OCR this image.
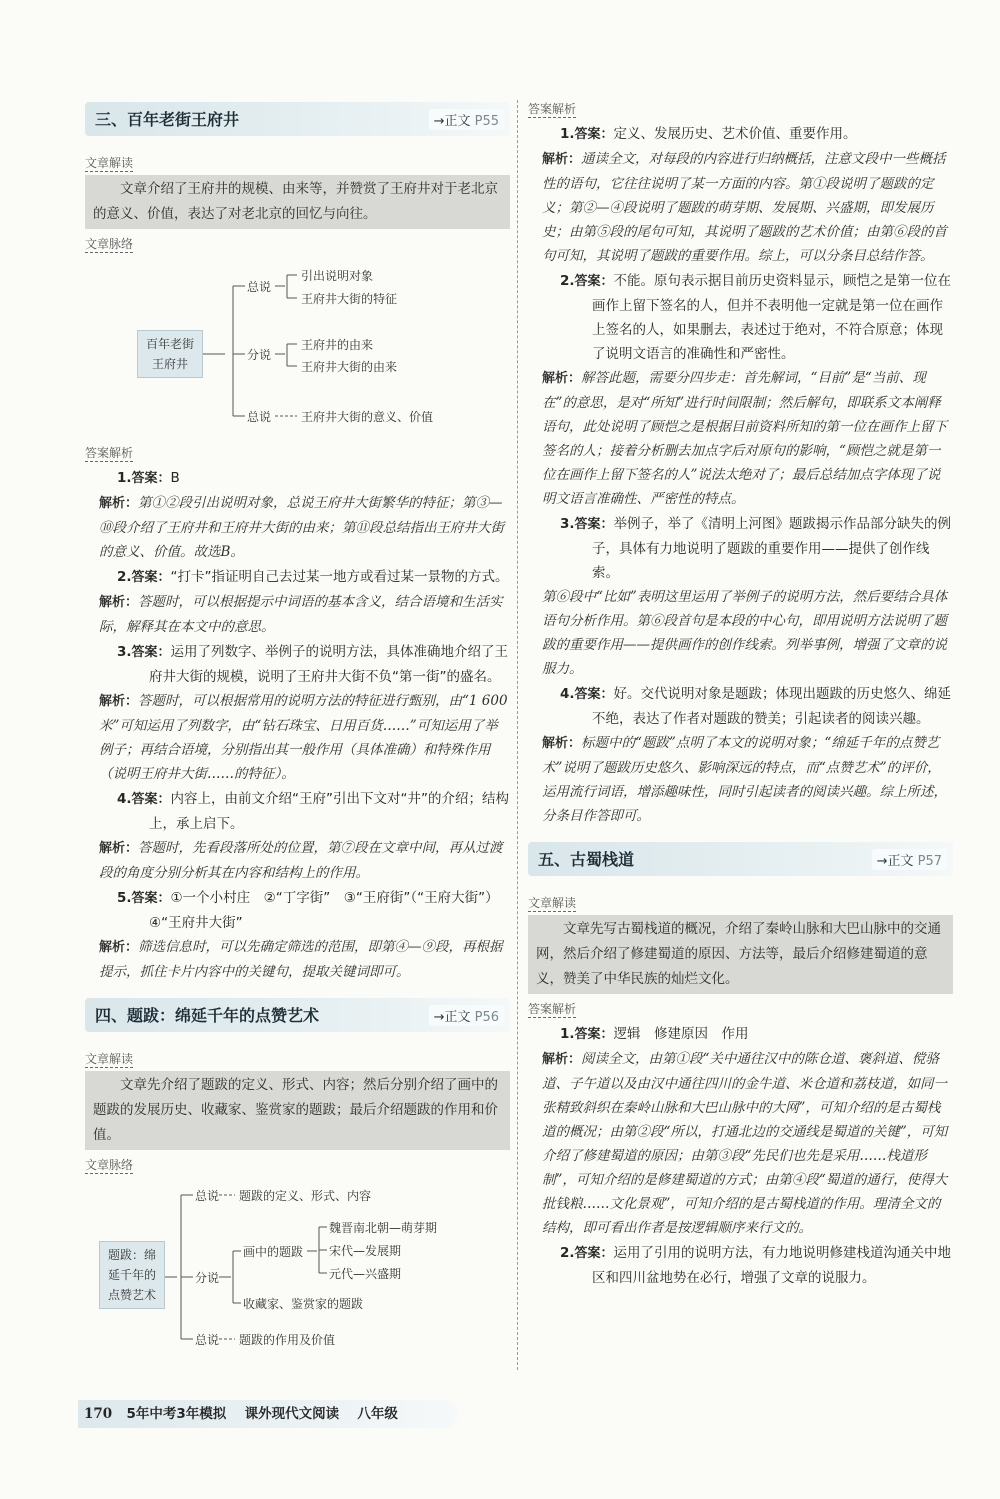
三、百年老街王府井	→正文 P55
文章解读
文章介绍了王府井的规模、由来等，并赞赏了王府井对于老北京的意义、价值，表达了对老北京的回忆与向往。
文章脉络
百年老街
王府井
总说
引出说明对象
王府井大街的特征
分说
王府井的由来
王府井大街的由来
总说 王府井大街的意义、价值
答案解析
1.答案：B
解析：第①②段引出说明对象，总说王府井大街繁华的特征；第③—⑩段介绍了王府井和王府井大街的由来；第⑪段总结指出王府井大街的意义、价值。故选B。
2.答案：“打卡”指证明自己去过某一地方或看过某一景物的方式。
解析：答题时，可以根据提示中词语的基本含义，结合语境和生活实际，解释其在本文中的意思。
3.答案：运用了列数字、举例子的说明方法，具体准确地介绍了王府井大街的规模，说明了王府井大街不负“第一街”的盛名。
解析：答题时，可以根据常用的说明方法的特征进行甄别，由“1 600米”可知运用了列数字，由“钻石珠宝、日用百货……”可知运用了举例子；再结合语境，分别指出其一般作用（具体准确）和特殊作用（说明王府井大街……的特征）。
4.答案：内容上，由前文介绍“王府”引出下文对“井”的介绍；结构上，承上启下。
解析：答题时，先看段落所处的位置，第⑦段在文章中间，再从过渡段的角度分别分析其在内容和结构上的作用。
5.答案：①一个小村庄　②“丁字街”　③“王府街”（“王府大街”）　④“王府井大街”
解析：筛选信息时，可以先确定筛选的范围，即第④—⑨段，再根据提示，抓住卡片内容中的关键句，提取关键词即可。
四、题跋：绵延千年的点赞艺术	→正文 P56
文章解读
文章先介绍了题跋的定义、形式、内容；然后分别介绍了画中的题跋的发展历史、收藏家、鉴赏家的题跋；最后介绍题跋的作用和价值。
文章脉络
题跋：绵
延千年的
点赞艺术
总说 题跋的定义、形式、内容
分说
画中的题跋
魏晋南北朝—萌芽期
宋代—发展期
元代—兴盛期
收藏家、鉴赏家的题跋
总说 题跋的作用及价值
答案解析
1.答案：定义、发展历史、艺术价值、重要作用。
解析：通读全文，对每段的内容进行归纳概括，注意文段中一些概括性的语句，它往往说明了某一方面的内容。第①段说明了题跋的定义；第②—④段说明了题跋的萌芽期、发展期、兴盛期，即发展历史；由第⑤段的尾句可知，其说明了题跋的艺术价值；由第⑥段的首句可知，其说明了题跋的重要作用。综上，可以分条目总结作答。
2.答案：不能。原句表示据目前历史资料显示，顾恺之是第一位在画作上留下签名的人，但并不表明他一定就是第一位在画作上签名的人，如果删去，表述过于绝对，不符合原意；体现了说明文语言的准确性和严密性。
解析：解答此题，需要分四步走：首先解词，“目前”是“当前、现在”的意思，是对“所知”进行时间限制；然后解句，即联系文本阐释语句，此处说明了顾恺之是根据目前资料所知的第一位在画作上留下签名的人；接着分析删去加点字后对原句的影响，“顾恺之就是第一位在画作上留下签名的人”说法太绝对了；最后总结加点字体现了说明文语言准确性、严密性的特点。
3.答案：举例子，举了《清明上河图》题跋揭示作品部分缺失的例子，具体有力地说明了题跋的重要作用——提供了创作线索。
第⑥段中“比如”表明这里运用了举例子的说明方法，然后要结合具体语句分析作用。第⑥段首句是本段的中心句，即用说明方法说明了题跋的重要作用——提供画作的创作线索。列举事例，增强了文章的说服力。
4.答案：好。交代说明对象是题跋；体现出题跋的历史悠久、绵延不绝，表达了作者对题跋的赞美；引起读者的阅读兴趣。
解析：标题中的“题跋”点明了本文的说明对象；“绵延千年的点赞艺术”说明了题跋历史悠久、影响深远的特点，而“点赞艺术”的评价，运用流行词语，增添趣味性，同时引起读者的阅读兴趣。综上所述，分条目作答即可。
五、古蜀栈道	→正文 P57
文章解读
文章先写古蜀栈道的概况，介绍了秦岭山脉和大巴山脉中的交通网，然后介绍了修建蜀道的原因、方法等，最后介绍修建蜀道的意义，赞美了中华民族的灿烂文化。
答案解析
1.答案：逻辑　修建原因　作用
解析：阅读全文，由第①段“关中通往汉中的陈仓道、褒斜道、傥骆道、子午道以及由汉中通往四川的金牛道、米仓道和荔枝道，如同一张精致斜织在秦岭山脉和大巴山脉中的大网”，可知介绍的是古蜀栈道的概况；由第②段“所以，打通北边的交通线是蜀道的关键”，可知介绍了修建蜀道的原因；由第③段“先民们也先是采用……栈道形制”，可知介绍的是修建蜀道的方式；由第④段“蜀道的通行，使得大批钱粮……文化景观”，可知介绍的是古蜀栈道的作用。理清全文的结构，即可看出作者是按逻辑顺序来行文的。
2.答案：运用了引用的说明方法，有力地说明修建栈道沟通关中地区和四川盆地势在必行，增强了文章的说服力。
170 5年中考3年模拟 课外现代文阅读 八年级
